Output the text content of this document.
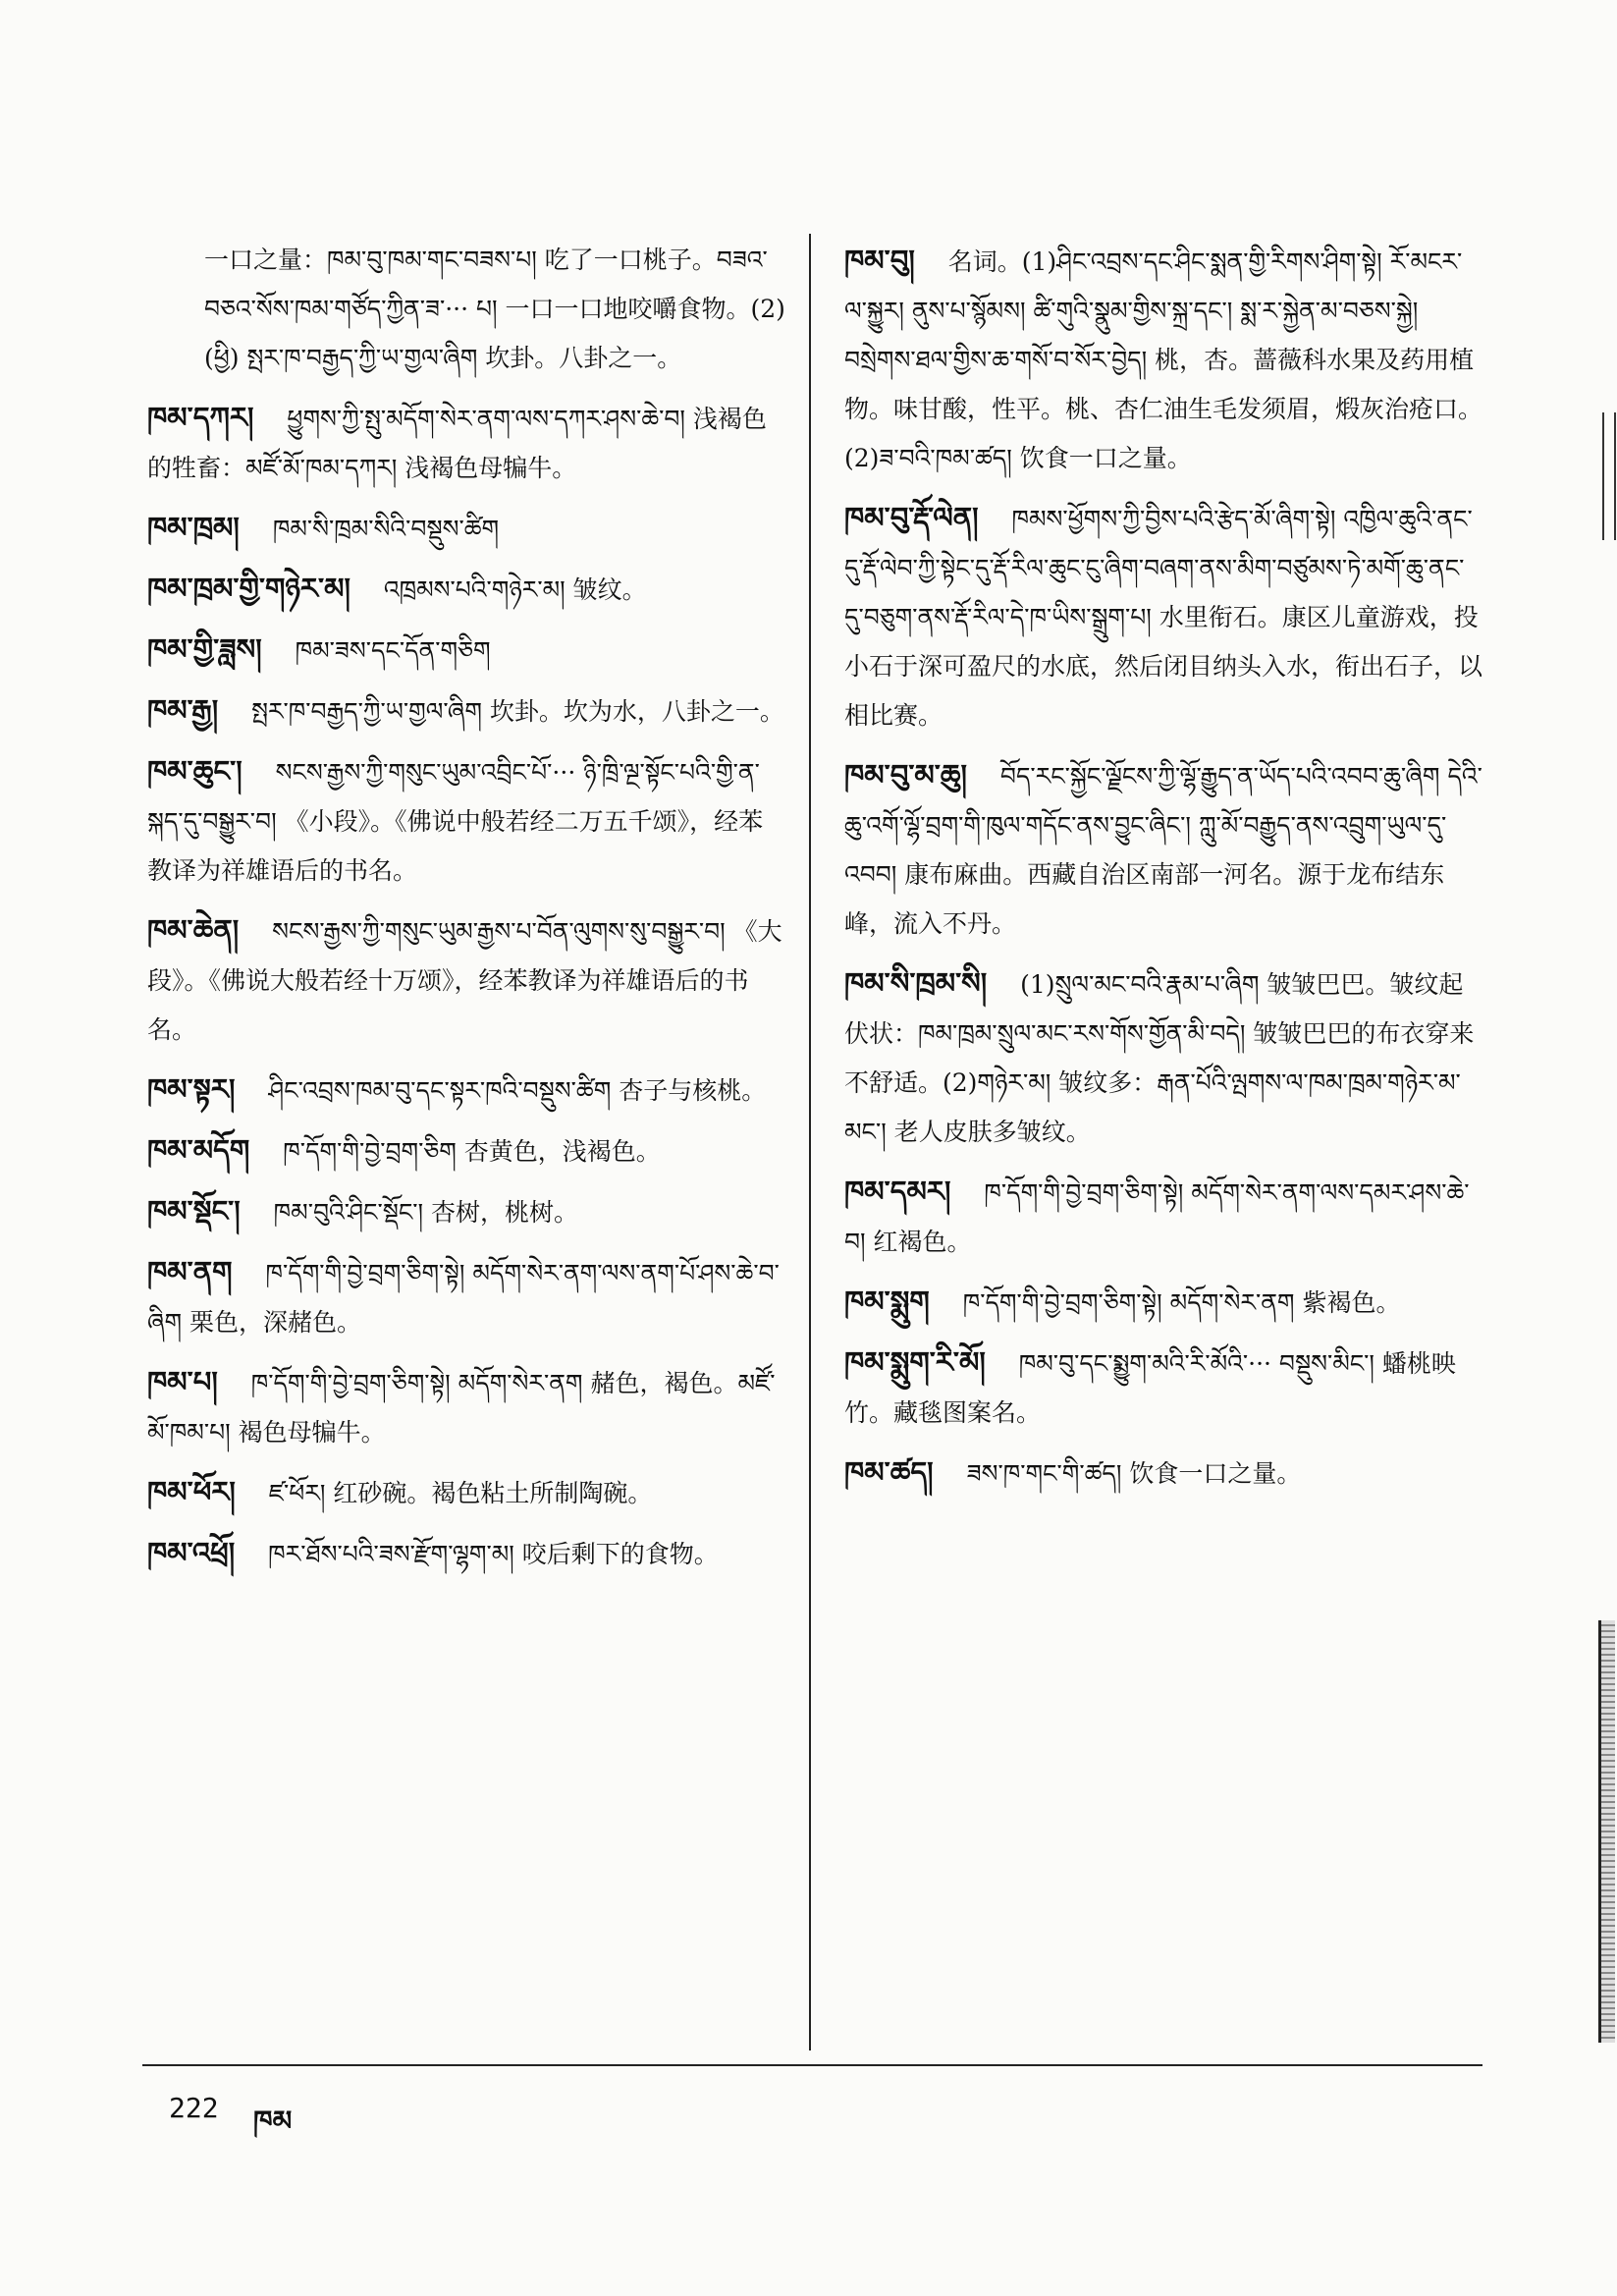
一口之量：ཁམ་བུ་ཁམ་གང་བཟས་པ། 吃了一口桃子。བཟའ་བཅའ་སོས་ཁམ་གཙོད་ཀྱིན་ཟ་··· པ། 一口一口地咬嚼食物。(2)(ཕྱི) སྤར་ཁ་བརྒྱད་ཀྱི་ཡ་གྱལ་ཞིག 坎卦。八卦之一。
ཁམ་དཀར། ཕྱུགས་ཀྱི་སྤུ་མདོག་སེར་ནག་ལས་དཀར་ཤས་ཆེ་བ། 浅褐色的牲畜：མཛོ་མོ་ཁམ་དཀར། 浅褐色母犏牛。
ཁམ་ཁྲམ། ཁམ་སི་ཁྲམ་སིའི་བསྡུས་ཚིག
ཁམ་ཁྲམ་གྱི་གཉེར་མ། འཁྲམས་པའི་གཉེར་མ། 皱纹。
ཁམ་གྱི་ཟླས། ཁམ་ཟས་དང་དོན་གཅིག
ཁམ་རྒྱ། སྤར་ཁ་བརྒྱད་ཀྱི་ཡ་གྱལ་ཞིག 坎卦。坎为水，八卦之一。
ཁམ་ཆུང་། སངས་རྒྱས་ཀྱི་གསུང་ཡུམ་འབྲིང་པོ་··· ཉི་ཁྲི་ལྔ་སྟོང་པའི་གྱི་ན་སྐད་དུ་བསྒྱུར་བ། 《小段》。《佛说中般若经二万五千颂》，经苯教译为祥雄语后的书名。
ཁམ་ཆེན། སངས་རྒྱས་ཀྱི་གསུང་ཡུམ་རྒྱས་པ་བོན་ལུགས་སུ་བསྒྱུར་བ། 《大段》。《佛说大般若经十万颂》，经苯教译为祥雄语后的书名。
ཁམ་སྟར། ཤིང་འབྲས་ཁམ་བུ་དང་སྟར་ཁའི་བསྡུས་ཚིག 杏子与核桃。
ཁམ་མདོག ཁ་དོག་གི་བྱེ་བྲག་ཅིག 杏黄色，浅褐色。
ཁམ་སྡོང་། ཁམ་བུའི་ཤིང་སྡོང་། 杏树，桃树。
ཁམ་ནག ཁ་དོག་གི་བྱེ་བྲག་ཅིག་སྟེ། མདོག་སེར་ནག་ལས་ནག་པོ་ཤས་ཆེ་བ་ཞིག 栗色，深赭色。
ཁམ་པ། ཁ་དོག་གི་བྱེ་བྲག་ཅིག་སྟེ། མདོག་སེར་ནག 赭色，褐色。མཛོ་མོ་ཁམ་པ། 褐色母犏牛。
ཁམ་ཕོར། ཛ་ཕོར། 红砂碗。褐色粘土所制陶碗。
ཁམ་འཕྲོ། ཁར་ཐོས་པའི་ཟས་རྫོག་ལྷག་མ། 咬后剩下的食物。
ཁམ་བུ། 名词。(1)ཤིང་འབྲས་དང་ཤིང་སྨན་གྱི་རིགས་ཤིག་སྟེ། རོ་མངར་ལ་སྐྱུར། ནུས་པ་སྙོམས། ཚི་གུའི་སྣུམ་གྱིས་སྐྲ་དང་། སྨ་ར་སྐྱེན་མ་བཅས་སྐྱེ། བསྲེགས་ཐལ་གྱིས་ཆ་གསོ་བ་སོར་བྱེད། 桃，杏。蔷薇科水果及药用植物。味甘酸，性平。桃、杏仁油生毛发须眉，煅灰治疮口。(2)ཟ་བའི་ཁམ་ཚད། 饮食一口之量。
ཁམ་བུ་རྡོ་ལེན། ཁམས་ཕྱོགས་ཀྱི་བྱིས་པའི་རྩེད་མོ་ཞིག་སྟེ། འཁྱིལ་ཆུའི་ནང་དུ་རྡོ་ལེབ་ཀྱི་སྟེང་དུ་རྡོ་རིལ་ཆུང་ངུ་ཞིག་བཞག་ནས་མིག་བཙུམས་ཏེ་མགོ་ཆུ་ནང་དུ་བཅུག་ནས་རྡོ་རིལ་དེ་ཁ་ཡིས་སྒྲུག་པ། 水里衔石。康区儿童游戏，投小石于深可盈尺的水底，然后闭目纳头入水，衔出石子，以相比赛。
ཁམ་བུ་མ་ཆུ། བོད་རང་སྐྱོང་ལྗོངས་ཀྱི་ལྷོ་རྒྱུད་ན་ཡོད་པའི་འབབ་ཆུ་ཞིག དེའི་ཆུ་འགོ་ལྷོ་བྲག་གི་ཁུལ་གདོང་ནས་བྱུང་ཞིང་། ཀླུ་མོ་བརྒྱུད་ནས་འབྲུག་ཡུལ་དུ་འབབ། 康布麻曲。西藏自治区南部一河名。源于龙布结东峰，流入不丹。
ཁམ་སི་ཁྲམ་སི། (1)སྲུལ་མང་བའི་རྣམ་པ་ཞིག 皱皱巴巴。皱纹起伏状：ཁམ་ཁྲམ་སྲུལ་མང་རས་གོས་གྱོན་མི་བདེ། 皱皱巴巴的布衣穿来不舒适。(2)གཉེར་མ། 皱纹多：རྒན་པོའི་ལྤགས་ལ་ཁམ་ཁྲམ་གཉེར་མ་མང་། 老人皮肤多皱纹。
ཁམ་དམར། ཁ་དོག་གི་བྱེ་བྲག་ཅིག་སྟེ། མདོག་སེར་ནག་ལས་དམར་ཤས་ཆེ་བ། 红褐色。
ཁམ་སྨུག ཁ་དོག་གི་བྱེ་བྲག་ཅིག་སྟེ། མདོག་སེར་ནག 紫褐色。
ཁམ་སྨུག་རི་མོ། ཁམ་བུ་དང་སྨྱུག་མའི་རི་མོའི་··· བསྡུས་མིང་། 蟠桃映竹。藏毯图案名。
ཁམ་ཚད། ཟས་ཁ་གང་གི་ཚད། 饮食一口之量。
222 ཁམ
